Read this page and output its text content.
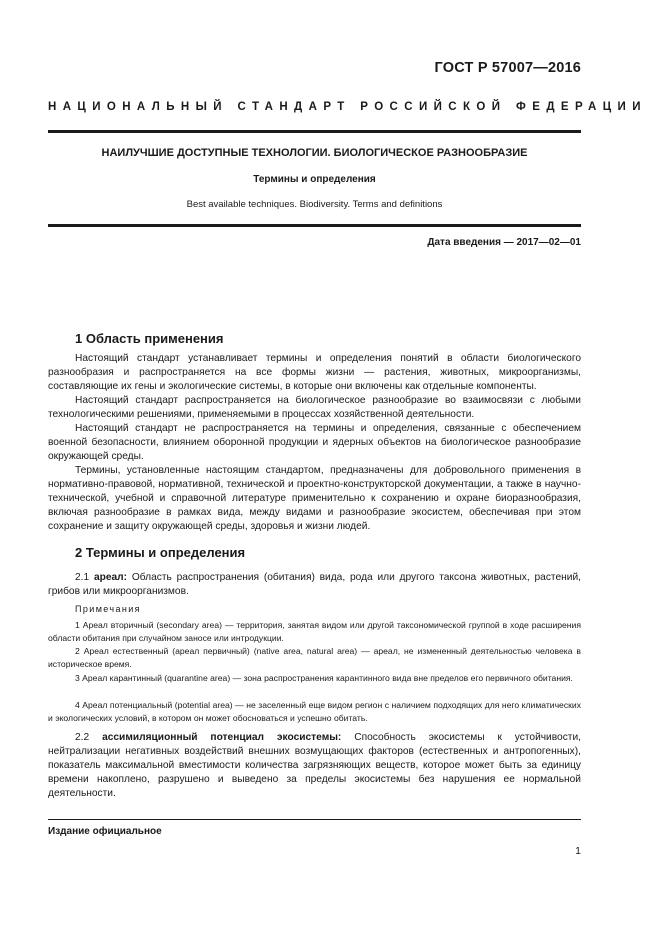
ГОСТ Р 57007—2016
НАЦИОНАЛЬНЫЙ СТАНДАРТ РОССИЙСКОЙ ФЕДЕРАЦИИ
НАИЛУЧШИЕ ДОСТУПНЫЕ ТЕХНОЛОГИИ. БИОЛОГИЧЕСКОЕ РАЗНООБРАЗИЕ
Термины и определения
Best available techniques. Biodiversity. Terms and definitions
Дата введения — 2017—02—01
1 Область применения

Настоящий стандарт устанавливает термины и определения понятий в области биологического разнообразия и распространяется на все формы жизни — растения, животных, микроорганизмы, составляющие их гены и экологические системы, в которые они включены как отдельные компоненты.

Настоящий стандарт распространяется на биологическое разнообразие во взаимосвязи с любыми технологическими решениями, применяемыми в процессах хозяйственной деятельности.

Настоящий стандарт не распространяется на термины и определения, связанные с обеспечением военной безопасности, влиянием оборонной продукции и ядерных объектов на биологическое разнообразие окружающей среды.

Термины, установленные настоящим стандартом, предназначены для добровольного применения в нормативно-правовой, нормативной, технической и проектно-конструкторской документации, а также в научно-технической, учебной и справочной литературе применительно к сохранению и охране биоразнообразия, включая разнообразие в рамках вида, между видами и разнообразие экосистем, обеспечивая при этом сохранение и защиту окружающей среды, здоровья и жизни людей.

2 Термины и определения

2.1 ареал: Область распространения (обитания) вида, рода или другого таксона животных, растений, грибов или микроорганизмов.

Примечания
1 Ареал вторичный (secondary area) — территория, занятая видом или другой таксономической группой в ходе расширения области обитания при случайном заносе или интродукции.
2 Ареал естественный (ареал первичный) (native area, natural area) — ареал, не измененный деятельностью человека в историческое время.
3 Ареал карантинный (quarantine area) — зона распространения карантинного вида вне пределов его первичного обитания.
4 Ареал потенциальный (potential area) — не заселенный еще видом регион с наличием подходящих для него климатических и экологических условий, в котором он может обосноваться и успешно обитать.

2.2 ассимиляционный потенциал экосистемы: Способность экосистемы к устойчивости, нейтрализации негативных воздействий внешних возмущающих факторов (естественных и антропогенных), показатель максимальной вместимости количества загрязняющих веществ, которое может быть за единицу времени накоплено, разрушено и выведено за пределы экосистемы без нарушения ее нормальной деятельности.

Издание официальное
1
